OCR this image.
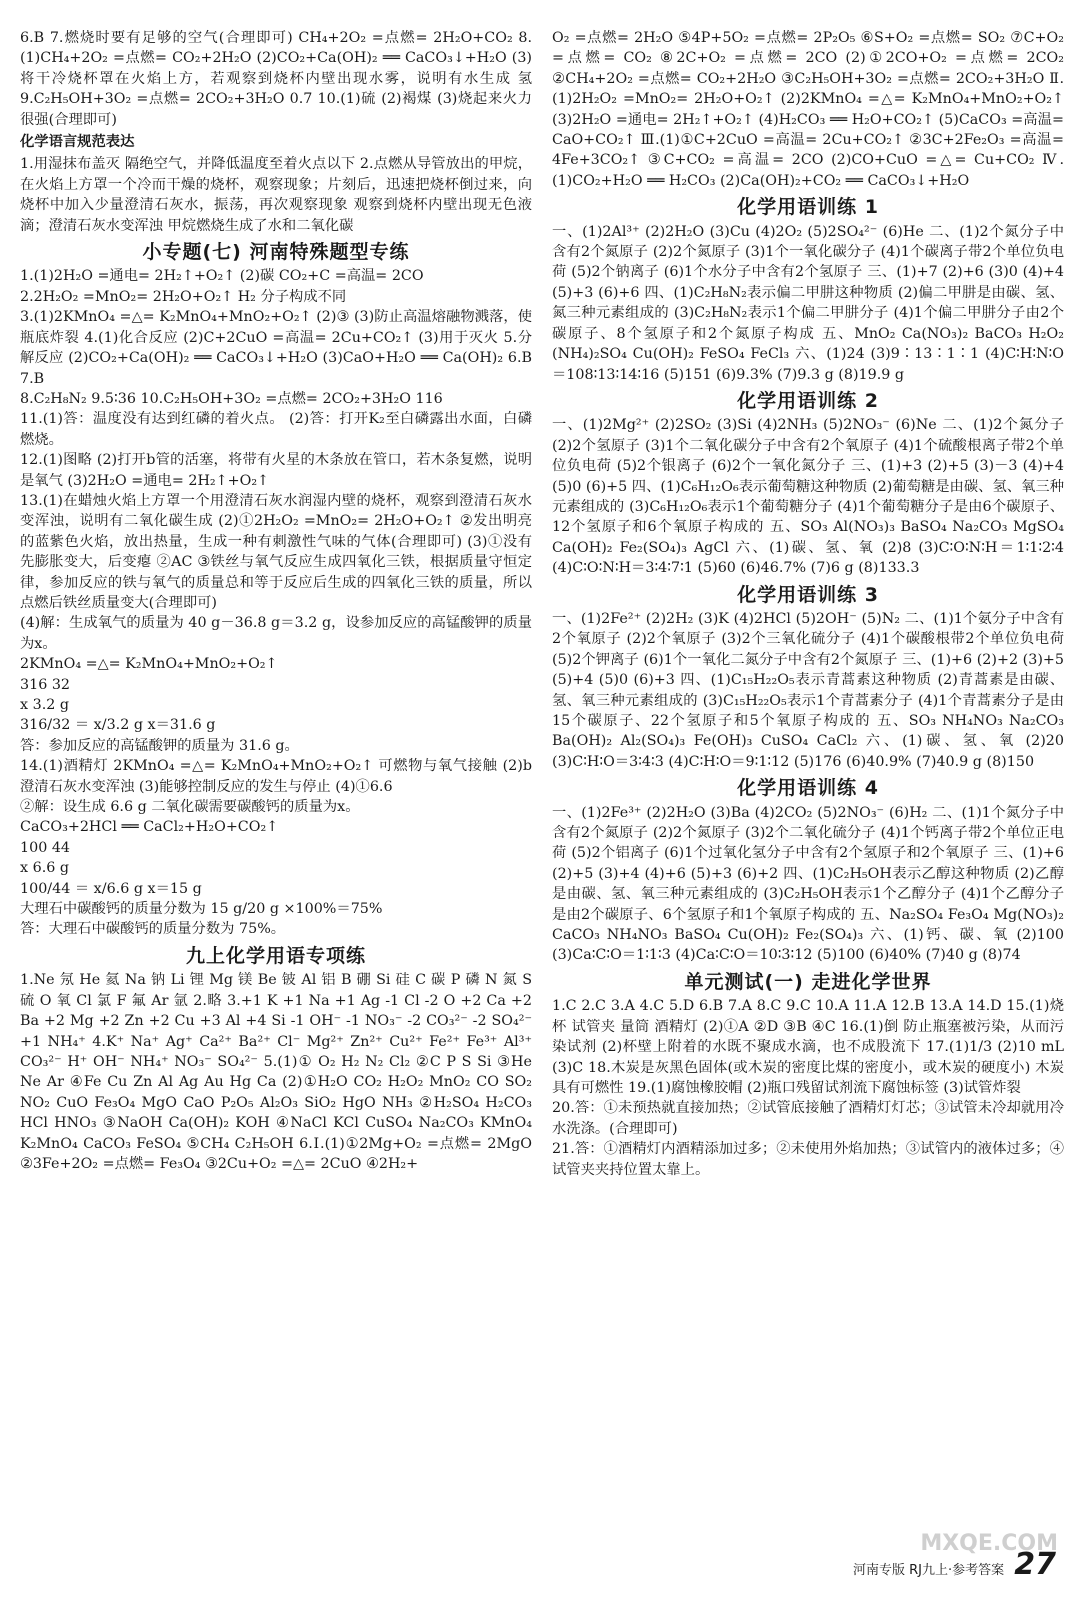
6.B 7.燃烧时要有足够的空气(合理即可) CH₄+2O₂ =点燃= 2H₂O+CO₂ 8.(1)CH₄+2O₂ =点燃= CO₂+2H₂O (2)CO₂+Ca(OH)₂ ══ CaCO₃↓+H₂O (3)将干冷烧杯罩在火焰上方，若观察到烧杯内壁出现水雾，说明有水生成 氢 9.C₂H₅OH+3O₂ =点燃= 2CO₂+3H₂O 0.7 10.(1)硫 (2)褐煤 (3)烧起来火力很强(合理即可)
化学语言规范表达
1.用湿抹布盖灭 隔绝空气，并降低温度至着火点以下 2.点燃从导管放出的甲烷，在火焰上方罩一个冷而干燥的烧杯，观察现象；片刻后，迅速把烧杯倒过来，向烧杯中加入少量澄清石灰水，振荡，再次观察现象 观察到烧杯内壁出现无色液滴；澄清石灰水变浑浊 甲烷燃烧生成了水和二氧化碳
小专题(七) 河南特殊题型专练
1.(1)2H₂O =通电= 2H₂↑+O₂↑ (2)碳 CO₂+C =高温= 2CO
2.2H₂O₂ =MnO₂= 2H₂O+O₂↑ H₂ 分子构成不同
3.(1)2KMnO₄ =△= K₂MnO₄+MnO₂+O₂↑ (2)③ (3)防止高温熔融物溅落，使瓶底炸裂 4.(1)化合反应 (2)C+2CuO =高温= 2Cu+CO₂↑ (3)用于灭火 5.分解反应 (2)CO₂+Ca(OH)₂ ══ CaCO₃↓+H₂O (3)CaO+H₂O ══ Ca(OH)₂ 6.B 7.B
8.C₂H₈N₂ 9.5∶36 10.C₂H₅OH+3O₂ =点燃= 2CO₂+3H₂O 116
11.(1)答：温度没有达到红磷的着火点。 (2)答：打开K₂至白磷露出水面，白磷燃烧。
12.(1)图略 (2)打开b管的活塞，将带有火星的木条放在管口，若木条复燃，说明是氧气 (3)2H₂O =通电= 2H₂↑+O₂↑
13.(1)在蜡烛火焰上方罩一个用澄清石灰水润湿内壁的烧杯，观察到澄清石灰水变浑浊，说明有二氧化碳生成 (2)①2H₂O₂ =MnO₂= 2H₂O+O₂↑ ②发出明亮的蓝紫色火焰，放出热量，生成一种有刺激性气味的气体(合理即可) (3)①没有 先膨胀变大，后变瘪 ②AC ③铁丝与氧气反应生成四氧化三铁，根据质量守恒定律，参加反应的铁与氧气的质量总和等于反应后生成的四氧化三铁的质量，所以点燃后铁丝质量变大(合理即可)
(4)解：生成氧气的质量为 40 g－36.8 g＝3.2 g，设参加反应的高锰酸钾的质量为x。
2KMnO₄ =△= K₂MnO₄+MnO₂+O₂↑
316 32
x 3.2 g
316/32 ＝ x/3.2 g x＝31.6 g
答：参加反应的高锰酸钾的质量为 31.6 g。
14.(1)酒精灯 2KMnO₄ =△= K₂MnO₄+MnO₂+O₂↑ 可燃物与氧气接触 (2)b 澄清石灰水变浑浊 (3)能够控制反应的发生与停止 (4)①6.6
②解：设生成 6.6 g 二氧化碳需要碳酸钙的质量为x。
CaCO₃+2HCl ══ CaCl₂+H₂O+CO₂↑
100 44
x 6.6 g
100/44 ＝ x/6.6 g x＝15 g
大理石中碳酸钙的质量分数为 15 g/20 g ×100%＝75%
答：大理石中碳酸钙的质量分数为 75%。
九上化学用语专项练
1.Ne 氖 He 氦 Na 钠 Li 锂 Mg 镁 Be 铍 Al 铝 B 硼 Si 硅 C 碳 P 磷 N 氮 S 硫 O 氧 Cl 氯 F 氟 Ar 氩 2.略 3.+1 K +1 Na +1 Ag -1 Cl -2 O +2 Ca +2 Ba +2 Mg +2 Zn +2 Cu +3 Al +4 Si -1 OH⁻ -1 NO₃⁻ -2 CO₃²⁻ -2 SO₄²⁻ +1 NH₄⁺ 4.K⁺ Na⁺ Ag⁺ Ca²⁺ Ba²⁺ Cl⁻ Mg²⁺ Zn²⁺ Cu²⁺ Fe²⁺ Fe³⁺ Al³⁺ CO₃²⁻ H⁺ OH⁻ NH₄⁺ NO₃⁻ SO₄²⁻ 5.(1)① O₂ H₂ N₂ Cl₂ ②C P S Si ③He Ne Ar ④Fe Cu Zn Al Ag Au Hg Ca (2)①H₂O CO₂ H₂O₂ MnO₂ CO SO₂ NO₂ CuO Fe₃O₄ MgO CaO P₂O₅ Al₂O₃ SiO₂ HgO NH₃ ②H₂SO₄ H₂CO₃ HCl HNO₃ ③NaOH Ca(OH)₂ KOH ④NaCl KCl CuSO₄ Na₂CO₃ KMnO₄ K₂MnO₄ CaCO₃ FeSO₄ ⑤CH₄ C₂H₅OH 6.Ⅰ.(1)①2Mg+O₂ =点燃= 2MgO ②3Fe+2O₂ =点燃= Fe₃O₄ ③2Cu+O₂ =△= 2CuO ④2H₂+
O₂ =点燃= 2H₂O ⑤4P+5O₂ =点燃= 2P₂O₅ ⑥S+O₂ =点燃= SO₂ ⑦C+O₂ =点燃= CO₂ ⑧2C+O₂ =点燃= 2CO (2)①2CO+O₂ =点燃= 2CO₂ ②CH₄+2O₂ =点燃= CO₂+2H₂O ③C₂H₅OH+3O₂ =点燃= 2CO₂+3H₂O Ⅱ.(1)2H₂O₂ =MnO₂= 2H₂O+O₂↑ (2)2KMnO₄ =△= K₂MnO₄+MnO₂+O₂↑ (3)2H₂O =通电= 2H₂↑+O₂↑ (4)H₂CO₃ ══ H₂O+CO₂↑ (5)CaCO₃ =高温= CaO+CO₂↑ Ⅲ.(1)①C+2CuO =高温= 2Cu+CO₂↑ ②3C+2Fe₂O₃ =高温= 4Fe+3CO₂↑ ③C+CO₂ =高温= 2CO (2)CO+CuO =△= Cu+CO₂ Ⅳ.(1)CO₂+H₂O ══ H₂CO₃ (2)Ca(OH)₂+CO₂ ══ CaCO₃↓+H₂O
化学用语训练 1
一、(1)2Al³⁺ (2)2H₂O (3)Cu (4)2O₂ (5)2SO₄²⁻ (6)He 二、(1)2个氮分子中含有2个氮原子 (2)2个氮原子 (3)1个一氧化碳分子 (4)1个碳离子带2个单位负电荷 (5)2个钠离子 (6)1个水分子中含有2个氢原子 三、(1)+7 (2)+6 (3)0 (4)+4 (5)+3 (6)+6 四、(1)C₂H₈N₂表示偏二甲肼这种物质 (2)偏二甲肼是由碳、氢、氮三种元素组成的 (3)C₂H₈N₂表示1个偏二甲肼分子 (4)1个偏二甲肼分子由2个碳原子、8个氢原子和2个氮原子构成 五、MnO₂ Ca(NO₃)₂ BaCO₃ H₂O₂ (NH₄)₂SO₄ Cu(OH)₂ FeSO₄ FeCl₃ 六、(1)24 (3)9∶13∶1∶1 (4)C∶H∶N∶O＝108∶13∶14∶16 (5)151 (6)9.3% (7)9.3 g (8)19.9 g
化学用语训练 2
一、(1)2Mg²⁺ (2)2SO₂ (3)Si (4)2NH₃ (5)2NO₃⁻ (6)Ne 二、(1)2个氮分子 (2)2个氢原子 (3)1个二氧化碳分子中含有2个氧原子 (4)1个硫酸根离子带2个单位负电荷 (5)2个银离子 (6)2个一氧化氮分子 三、(1)+3 (2)+5 (3)－3 (4)+4 (5)0 (6)+5 四、(1)C₆H₁₂O₆表示葡萄糖这种物质 (2)葡萄糖是由碳、氢、氧三种元素组成的 (3)C₆H₁₂O₆表示1个葡萄糖分子 (4)1个葡萄糖分子是由6个碳原子、12个氢原子和6个氧原子构成的 五、SO₃ Al(NO₃)₃ BaSO₄ Na₂CO₃ MgSO₄ Ca(OH)₂ Fe₂(SO₄)₃ AgCl 六、(1)碳、氢、氧 (2)8 (3)C∶O∶N∶H＝1∶1∶2∶4 (4)C∶O∶N∶H＝3∶4∶7∶1 (5)60 (6)46.7% (7)6 g (8)133.3
化学用语训练 3
一、(1)2Fe²⁺ (2)2H₂ (3)K (4)2HCl (5)2OH⁻ (5)N₂ 二、(1)1个氨分子中含有2个氧原子 (2)2个氧原子 (3)2个三氧化硫分子 (4)1个碳酸根带2个单位负电荷 (5)2个钾离子 (6)1个一氧化二氮分子中含有2个氮原子 三、(1)+6 (2)+2 (3)+5 (5)+4 (5)0 (6)+3 四、(1)C₁₅H₂₂O₅表示青蒿素这种物质 (2)青蒿素是由碳、氢、氧三种元素组成的 (3)C₁₅H₂₂O₅表示1个青蒿素分子 (4)1个青蒿素分子是由15个碳原子、22个氢原子和5个氧原子构成的 五、SO₃ NH₄NO₃ Na₂CO₃ Ba(OH)₂ Al₂(SO₄)₃ Fe(OH)₃ CuSO₄ CaCl₂ 六、(1)碳、氢、氧 (2)20 (3)C∶H∶O＝3∶4∶3 (4)C∶H∶O＝9∶1∶12 (5)176 (6)40.9% (7)40.9 g (8)150
化学用语训练 4
一、(1)2Fe³⁺ (2)2H₂O (3)Ba (4)2CO₂ (5)2NO₃⁻ (6)H₂ 二、(1)1个氮分子中含有2个氮原子 (2)2个氮原子 (3)2个二氧化硫分子 (4)1个钙离子带2个单位正电荷 (5)2个铝离子 (6)1个过氧化氢分子中含有2个氢原子和2个氧原子 三、(1)+6 (2)+5 (3)+4 (4)+6 (5)+3 (6)+2 四、(1)C₂H₅OH表示乙醇这种物质 (2)乙醇是由碳、氢、氧三种元素组成的 (3)C₂H₅OH表示1个乙醇分子 (4)1个乙醇分子是由2个碳原子、6个氢原子和1个氧原子构成的 五、Na₂SO₄ Fe₃O₄ Mg(NO₃)₂ CaCO₃ NH₄NO₃ BaSO₄ Cu(OH)₂ Fe₂(SO₄)₃ 六、(1)钙、碳、氧 (2)100 (3)Ca∶C∶O＝1∶1∶3 (4)Ca∶C∶O＝10∶3∶12 (5)100 (6)40% (7)40 g (8)74
单元测试(一) 走进化学世界
1.C 2.C 3.A 4.C 5.D 6.B 7.A 8.C 9.C 10.A 11.A 12.B 13.A 14.D 15.(1)烧杯 试管夹 量筒 酒精灯 (2)①A ②D ③B ④C 16.(1)倒 防止瓶塞被污染，从而污染试剂 (2)杯壁上附着的水既不聚成水滴，也不成股流下 17.(1)1/3 (2)10 mL (3)C 18.木炭是灰黑色固体(或木炭的密度比煤的密度小，或木炭的硬度小) 木炭具有可燃性 19.(1)腐蚀橡胶帽 (2)瓶口残留试剂流下腐蚀标签 (3)试管炸裂
20.答：①未预热就直接加热；②试管底接触了酒精灯灯芯；③试管未冷却就用冷水洗涤。(合理即可)
21.答：①酒精灯内酒精添加过多；②未使用外焰加热；③试管内的液体过多；④试管夹夹持位置太靠上。
MXQE.COM
河南专版 RJ九上·参考答案 27
